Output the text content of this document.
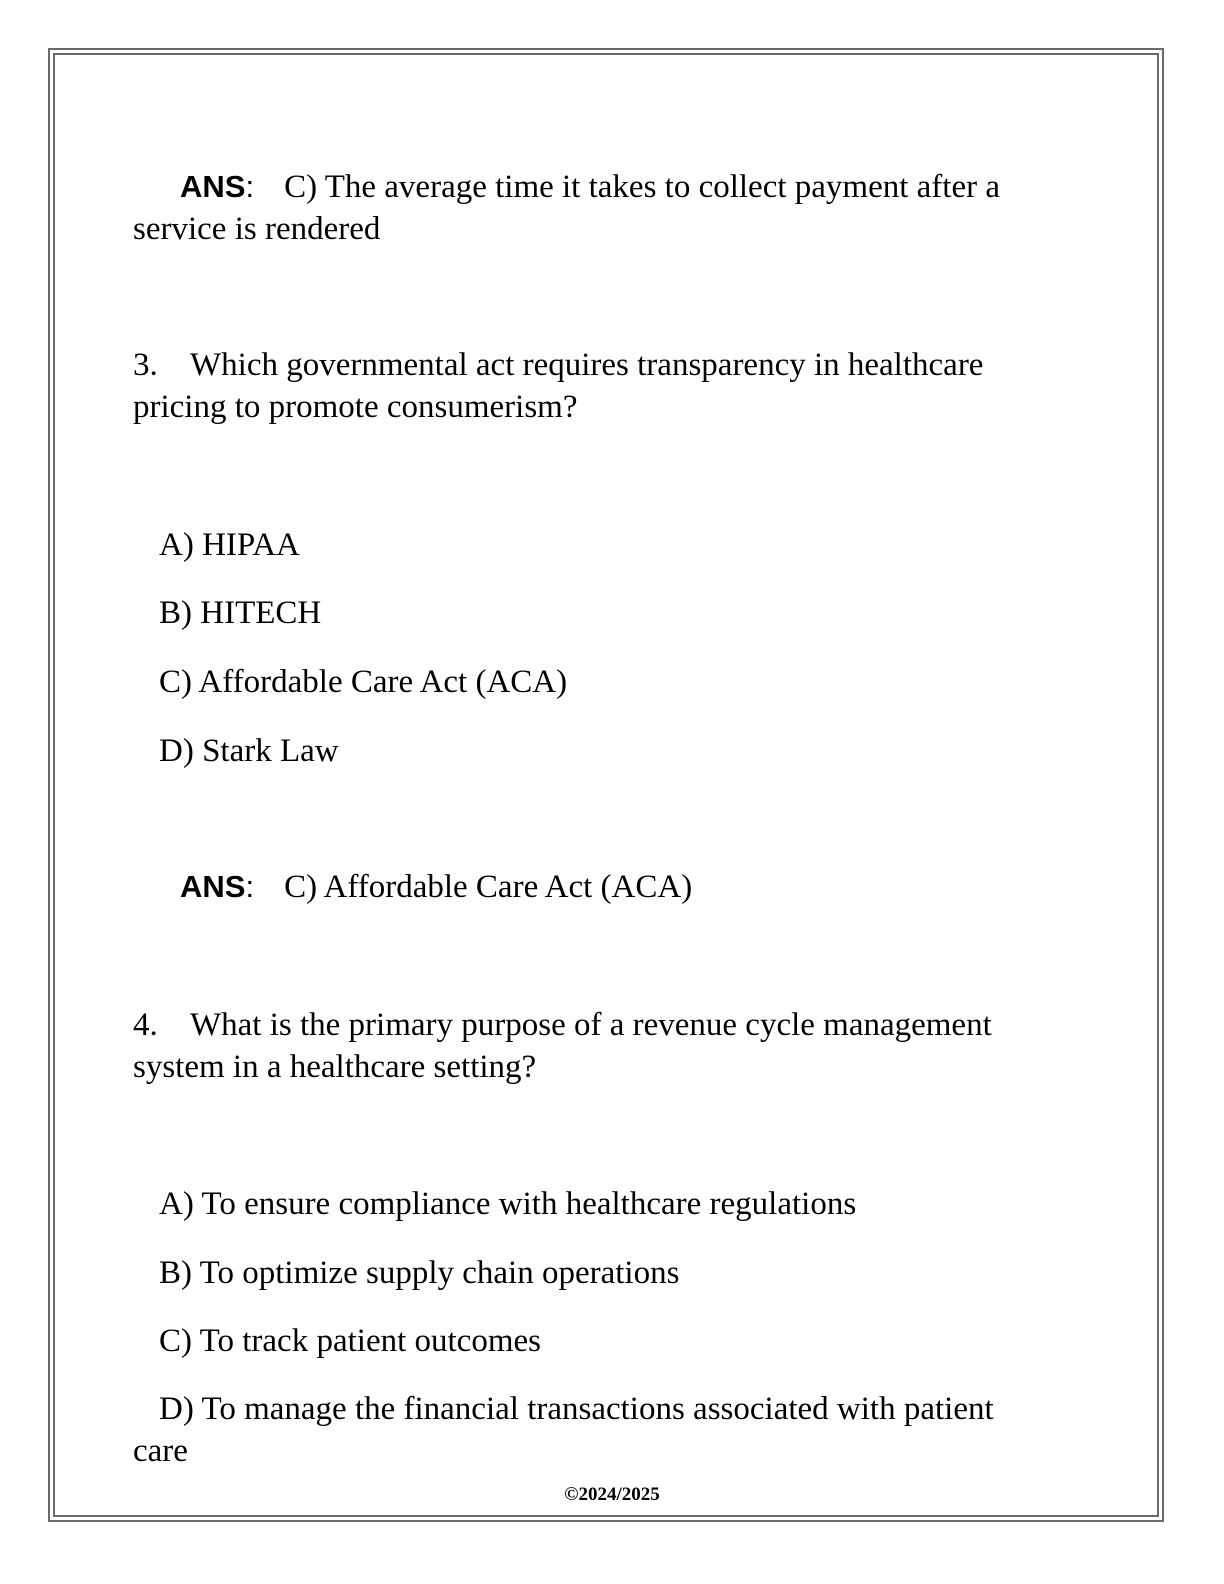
ANS: C) The average time it takes to collect payment after a
service is rendered
3. Which governmental act requires transparency in healthcare
pricing to promote consumerism?
A) HIPAA
B) HITECH
C) Affordable Care Act (ACA)
D) Stark Law
ANS: C) Affordable Care Act (ACA)
4. What is the primary purpose of a revenue cycle management
system in a healthcare setting?
A) To ensure compliance with healthcare regulations
B) To optimize supply chain operations
C) To track patient outcomes
D) To manage the financial transactions associated with patient
care
©2024/2025
